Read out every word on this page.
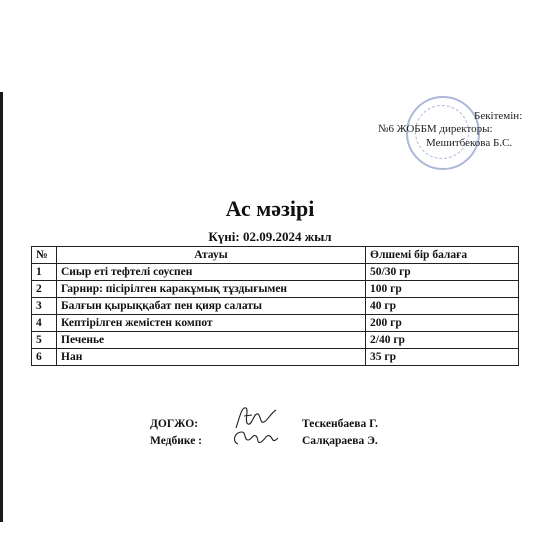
Бекітемін:
№6 ЖОББМ директоры:
Мешитбекова Б.С.
Ас мәзірі
Күні: 02.09.2024 жыл
№	Атауы	Өлшемі бір балаға
1	Сиыр еті тефтелі соуспен	50/30 гр
2	Гарнир: пісірілген каракұмық тұздығымен	100 гр
3	Балғын қырыққабат пен қияр салаты	40 гр
4	Кептірілген жемістен компот	200 гр
5	Печенье	2/40 гр
6	Нан	35 гр
ДОГЖО:	Тескенбаева Г.
Медбике :	Салқараева Э.
